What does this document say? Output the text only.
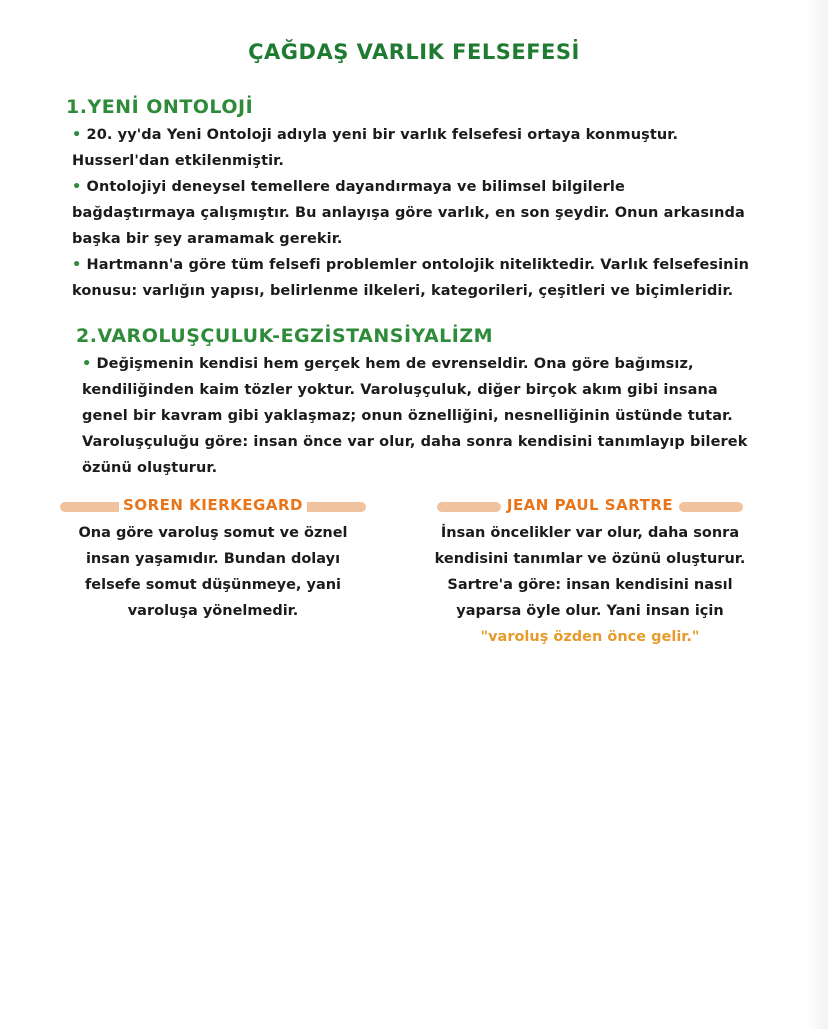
ÇAĞDAŞ VARLIK FELSEFESİ
1.YENİ ONTOLOJİ
• 20. yy'da Yeni Ontoloji adıyla yeni bir varlık felsefesi ortaya konmuştur.
Husserl'dan etkilenmiştir.
• Ontolojiyi deneysel temellere dayandırmaya ve bilimsel bilgilerle
bağdaştırmaya çalışmıştır. Bu anlayışa göre varlık, en son şeydir. Onun arkasında
başka bir şey aramamak gerekir.
• Hartmann'a göre tüm felsefi problemler ontolojik niteliktedir. Varlık felsefesinin
konusu: varlığın yapısı, belirlenme ilkeleri, kategorileri, çeşitleri ve biçimleridir.
2.VAROLUŞÇULUK-EGZİSTANSİYALİZM
• Değişmenin kendisi hem gerçek hem de evrenseldir. Ona göre bağımsız,
kendiliğinden kaim tözler yoktur. Varoluşçuluk, diğer birçok akım gibi insana
genel bir kavram gibi yaklaşmaz; onun öznelliğini, nesnelliğinin üstünde tutar.
Varoluşçuluğu göre: insan önce var olur, daha sonra kendisini tanımlayıp bilerek
özünü oluşturur.
SOREN KIERKEGARD
Ona göre varoluş somut ve öznel
insan yaşamıdır. Bundan dolayı
felsefe somut düşünmeye, yani
varoluşa yönelmedir.
JEAN PAUL SARTRE
İnsan öncelikler var olur, daha sonra
kendisini tanımlar ve özünü oluşturur.
Sartre'a göre: insan kendisini nasıl
yaparsa öyle olur. Yani insan için
"varoluş özden önce gelir."
